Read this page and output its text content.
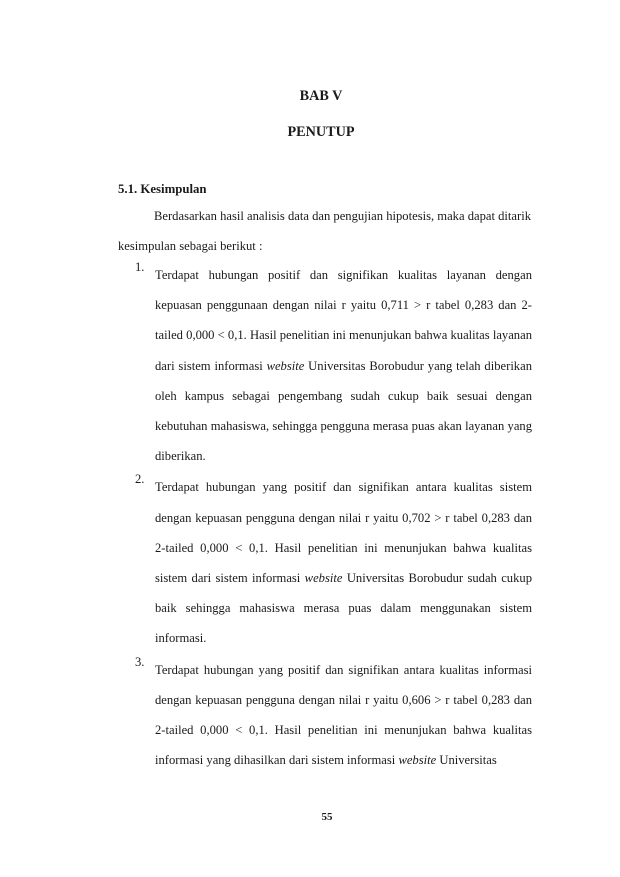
BAB V
PENUTUP
5.1. Kesimpulan
Berdasarkan hasil analisis data dan pengujian hipotesis, maka dapat ditarik
kesimpulan sebagai berikut :
1.
Terdapat hubungan positif dan signifikan kualitas layanan dengan kepuasan penggunaan dengan nilai r yaitu 0,711 > r tabel 0,283 dan 2-tailed 0,000 < 0,1. Hasil penelitian ini menunjukan bahwa kualitas layanan dari sistem informasi website Universitas Borobudur yang telah diberikan oleh kampus sebagai pengembang sudah cukup baik sesuai dengan kebutuhan mahasiswa, sehingga pengguna merasa puas akan layanan yang diberikan.
2.
Terdapat hubungan yang positif dan signifikan antara kualitas sistem dengan kepuasan pengguna dengan nilai r yaitu 0,702 > r tabel 0,283 dan 2-tailed 0,000 < 0,1. Hasil penelitian ini menunjukan bahwa kualitas sistem dari sistem informasi website Universitas Borobudur sudah cukup baik sehingga mahasiswa merasa puas dalam menggunakan sistem informasi.
3.
Terdapat hubungan yang positif dan signifikan antara kualitas informasi dengan kepuasan pengguna dengan nilai r yaitu 0,606 > r tabel 0,283 dan 2-tailed 0,000 < 0,1. Hasil penelitian ini menunjukan bahwa kualitas informasi yang dihasilkan dari sistem informasi website Universitas
55
